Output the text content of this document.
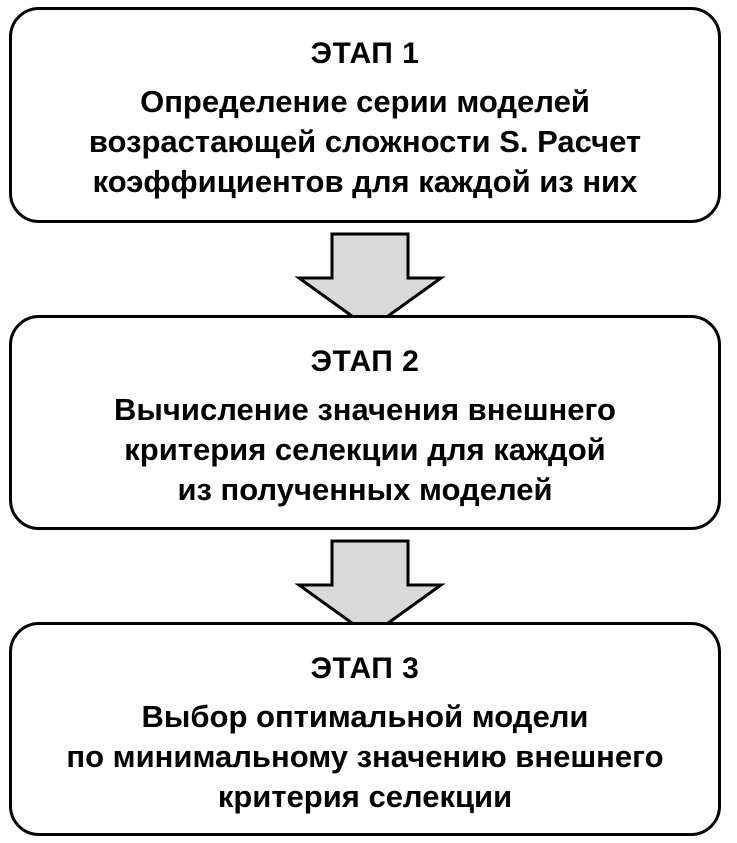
ЭТАП 1
Определение серии моделей
возрастающей сложности S. Расчет
коэффициентов для каждой из них
ЭТАП 2
Вычисление значения внешнего
критерия селекции для каждой
из полученных моделей
ЭТАП 3
Выбор оптимальной модели
по минимальному значению внешнего
критерия селекции
